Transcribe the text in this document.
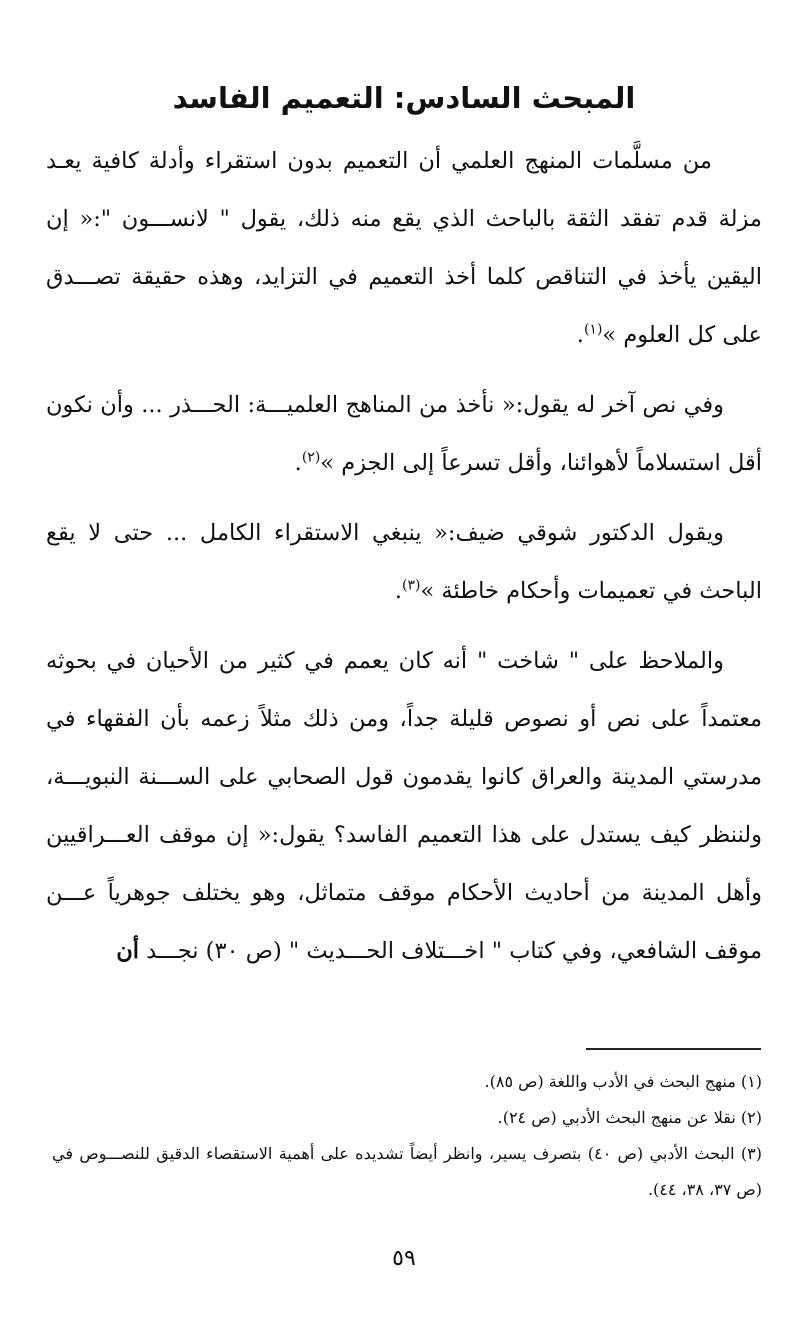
المبحث السادس: التعميم الفاسد

من مسلَّمات المنهج العلمي أن التعميم بدون استقراء وأدلة كافية يعـد مزلة قدم تفقد الثقة بالباحث الذي يقع منه ذلك، يقول " لانســـون ":« إن اليقين يأخذ في التناقص كلما أخذ التعميم في التزايد، وهذه حقيقة تصـــدق على كل العلوم »$^{(١)}$.

وفي نص آخر له يقول:« نأخذ من المناهج العلميـــة: الحـــذر ... وأن نكون أقل استسلاماً لأهوائنا، وأقل تسرعاً إلى الجزم »$^{(٢)}$.

ويقول الدكتور شوقي ضيف:« ينبغي الاستقراء الكامل ... حتى لا يقع الباحث في تعميمات وأحكام خاطئة »$^{(٣)}$.

والملاحظ على " شاخت " أنه كان يعمم في كثير من الأحيان في بحوثه معتمداً على نص أو نصوص قليلة جداً، ومن ذلك مثلاً زعمه بأن الفقهاء في مدرستي المدينة والعراق كانوا يقدمون قول الصحابي على الســـنة النبويـــة، ولننظر كيف يستدل على هذا التعميم الفاسد؟ يقول:« إن موقف العـــراقيين وأهل المدينة من أحاديث الأحكام موقف متماثل، وهو يختلف جوهرياً عـــن موقف الشافعي، وفي كتاب " اخـــتلاف الحـــديث " (ص ٣٠) نجـــد أن

(١) منهج البحث في الأدب واللغة (ص ٨٥).
(٢) نقلا عن منهج البحث الأدبي (ص ٢٤).
(٣) البحث الأدبي (ص ٤٠) بتصرف يسير، وانظر أيضاً تشديده على أهمية الاستقصاء الدقيق للنصـــوص في (ص ٣٧، ٣٨، ٤٤).
٥٩
